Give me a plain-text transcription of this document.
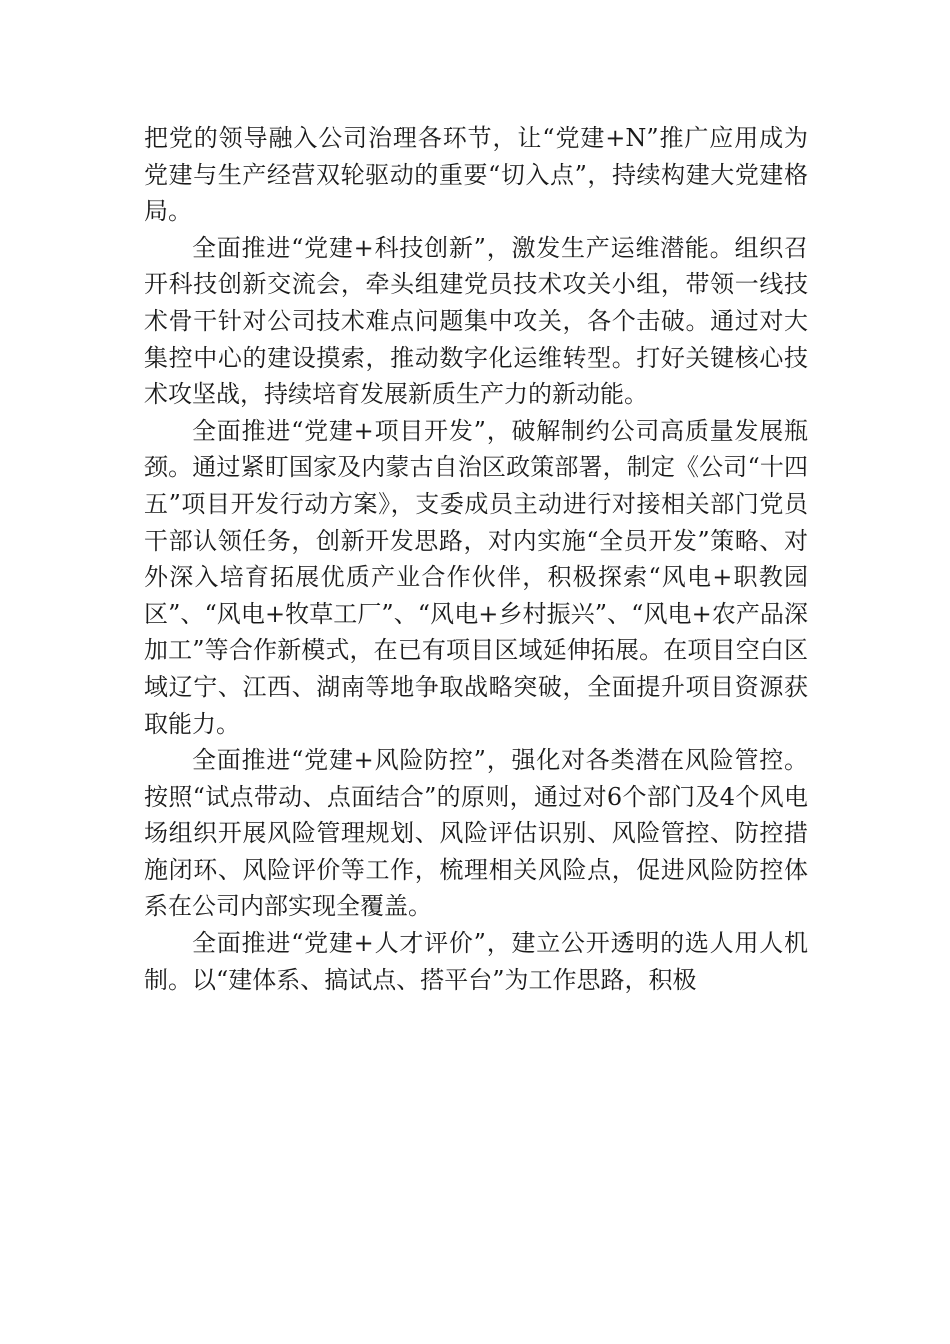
把党的领导融入公司治理各环节，让“党建+N”推广应用成为党建与生产经营双轮驱动的重要“切入点”，持续构建大党建格局。

全面推进“党建+科技创新”，激发生产运维潜能。组织召开科技创新交流会，牵头组建党员技术攻关小组，带领一线技术骨干针对公司技术难点问题集中攻关，各个击破。通过对大集控中心的建设摸索，推动数字化运维转型。打好关键核心技术攻坚战，持续培育发展新质生产力的新动能。

全面推进“党建+项目开发”，破解制约公司高质量发展瓶颈。通过紧盯国家及内蒙古自治区政策部署，制定《公司“十四五”项目开发行动方案》，支委成员主动进行对接相关部门党员干部认领任务，创新开发思路，对内实施“全员开发”策略、对外深入培育拓展优质产业合作伙伴，积极探索“风电+职教园区”、“风电+牧草工厂”、“风电+乡村振兴”、“风电+农产品深加工”等合作新模式，在已有项目区域延伸拓展。在项目空白区域辽宁、江西、湖南等地争取战略突破，全面提升项目资源获取能力。

全面推进“党建+风险防控”，强化对各类潜在风险管控。按照“试点带动、点面结合”的原则，通过对6个部门及4个风电场组织开展风险管理规划、风险评估识别、风险管控、防控措施闭环、风险评价等工作，梳理相关风险点，促进风险防控体系在公司内部实现全覆盖。

全面推进“党建+人才评价”，建立公开透明的选人用人机制。以“建体系、搞试点、搭平台”为工作思路，积极
